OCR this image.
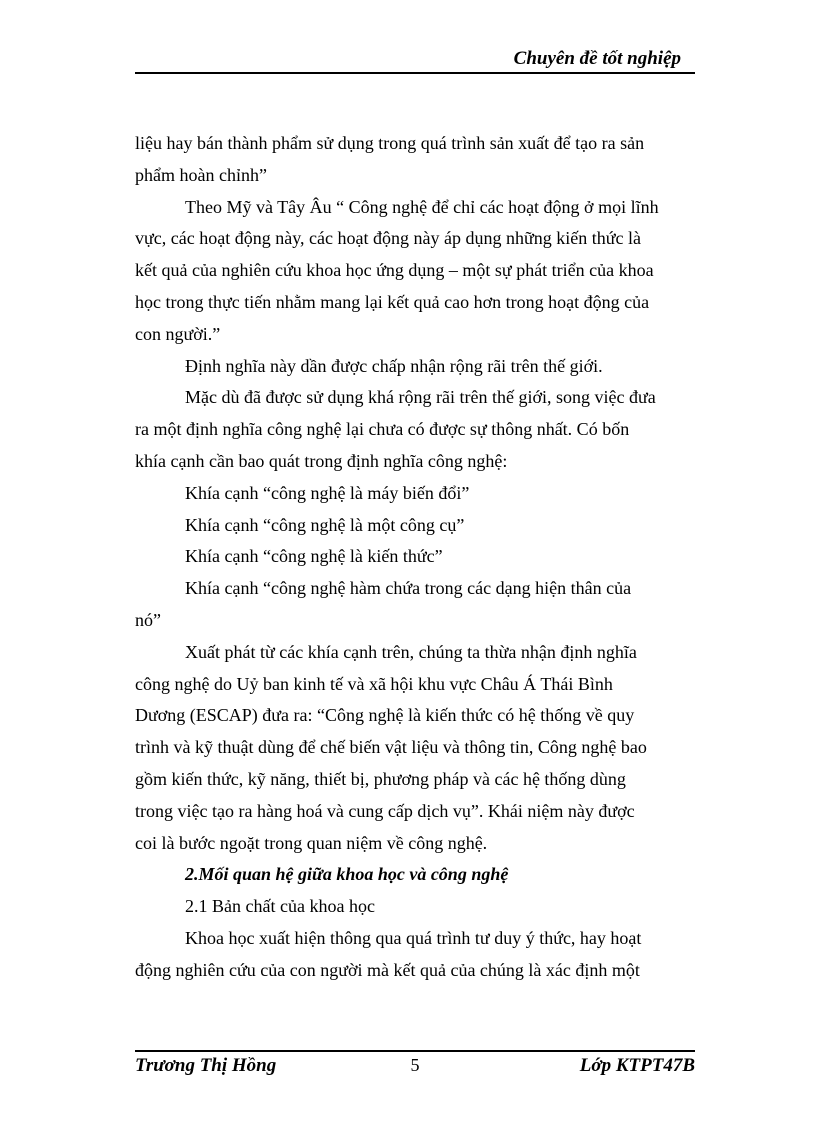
Chuyên đề tốt nghiệp
liệu hay bán thành phẩm sử dụng trong quá trình sản xuất để tạo ra sản
phẩm hoàn chỉnh”
Theo Mỹ và Tây Âu “ Công nghệ để chỉ các hoạt động ở mọi lĩnh
vực, các hoạt động này, các hoạt động này áp dụng những kiến thức là
kết quả của nghiên cứu khoa học ứng dụng – một sự phát triển của khoa
học trong thực tiến nhằm mang lại kết quả cao hơn trong hoạt động của
con người.”
Định nghĩa này dần được chấp nhận rộng rãi trên thế giới.
Mặc dù đã được sử dụng khá rộng rãi trên thế giới, song việc đưa
ra một định nghĩa công nghệ lại chưa có được sự thông nhất. Có bốn
khía cạnh cần bao quát trong định nghĩa công nghệ:
Khía cạnh “công nghệ là máy biến đổi”
Khía cạnh “công nghệ là một công cụ”
Khía cạnh “công nghệ là kiến thức”
Khía cạnh “công nghệ hàm chứa trong các dạng hiện thân của
nó”
Xuất phát từ các khía cạnh trên, chúng ta thừa nhận định nghĩa
công nghệ do Uỷ ban kinh tế và xã hội khu vực Châu Á Thái Bình
Dương (ESCAP) đưa ra: “Công nghệ là kiến thức có hệ thống về quy
trình và kỹ thuật dùng để chế biến vật liệu và thông tin, Công nghệ bao
gồm kiến thức, kỹ năng, thiết bị, phương pháp và các hệ thống dùng
trong việc tạo ra hàng hoá và cung cấp dịch vụ”. Khái niệm này được
coi là bước ngoặt trong quan niệm về công nghệ.
2.Mối quan hệ giữa khoa học và công nghệ
2.1 Bản chất của khoa học
Khoa học xuất hiện thông qua quá trình tư duy ý thức, hay hoạt
động nghiên cứu của con người mà kết quả của chúng là xác định một
Trương Thị Hồng	5	Lớp KTPT47B
